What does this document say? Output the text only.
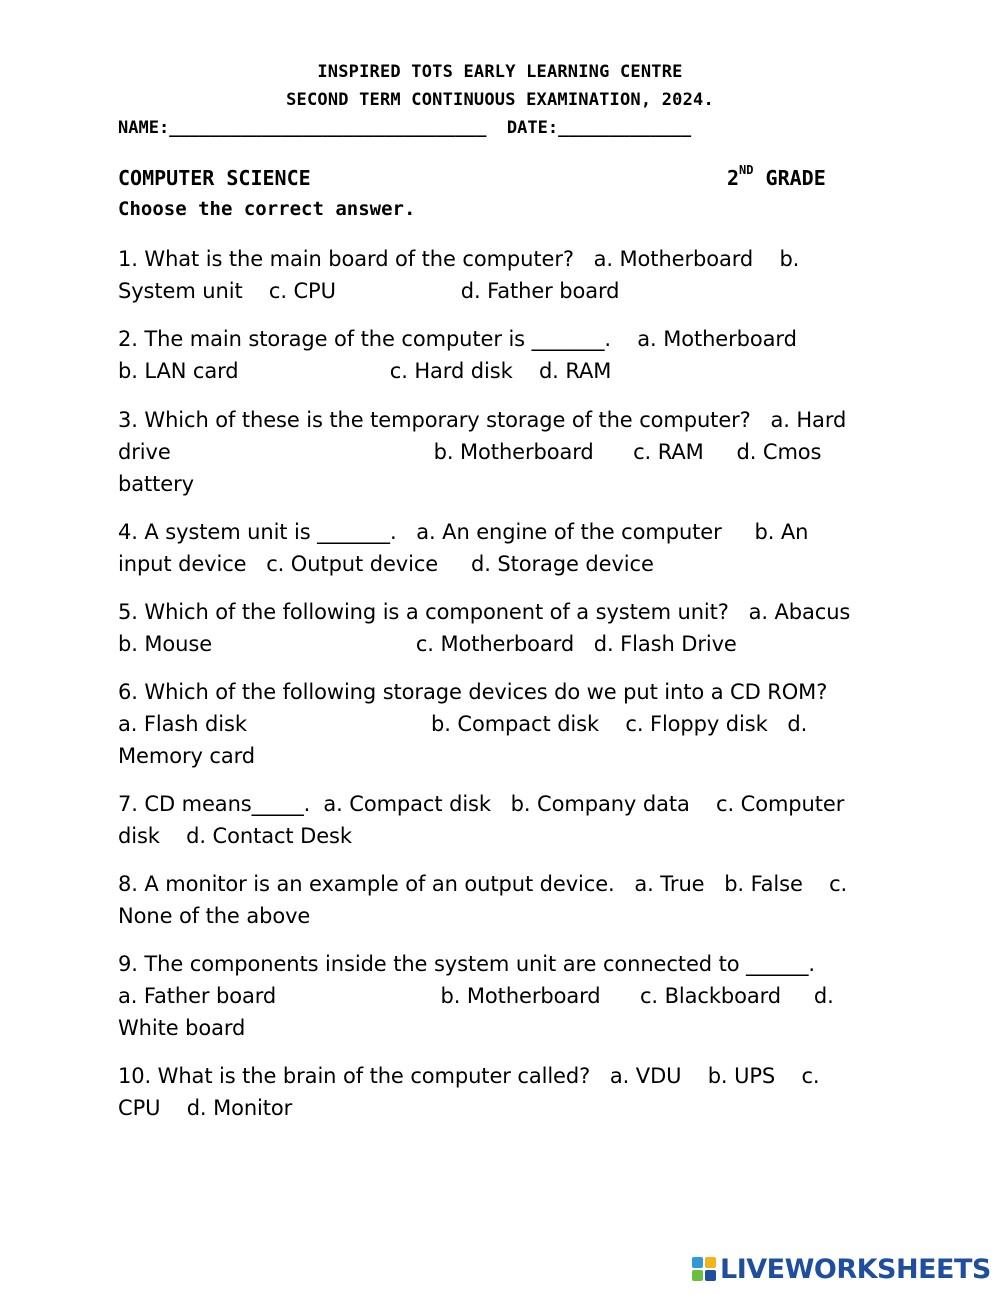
INSPIRED TOTS EARLY LEARNING CENTRE
SECOND TERM CONTINUOUS EXAMINATION, 2024.
NAME:_______________________________  DATE:_____________
COMPUTER SCIENCE	2ND GRADE
Choose the correct answer.
1. What is the main board of the computer?   a. Motherboard    b.
System unit    c. CPU                   d. Father board
2. The main storage of the computer is _______.    a. Motherboard
b. LAN card                       c. Hard disk    d. RAM
3. Which of these is the temporary storage of the computer?   a. Hard
drive                                        b. Motherboard      c. RAM     d. Cmos
battery
4. A system unit is _______.   a. An engine of the computer     b. An
input device   c. Output device     d. Storage device
5. Which of the following is a component of a system unit?   a. Abacus
b. Mouse                               c. Motherboard   d. Flash Drive
6. Which of the following storage devices do we put into a CD ROM?
a. Flash disk                            b. Compact disk    c. Floppy disk   d.
Memory card
7. CD means_____.  a. Compact disk   b. Company data    c. Computer
disk    d. Contact Desk
8. A monitor is an example of an output device.   a. True   b. False    c.
None of the above
9. The components inside the system unit are connected to ______.
a. Father board                         b. Motherboard      c. Blackboard     d.
White board
10. What is the brain of the computer called?   a. VDU    b. UPS    c.
CPU    d. Monitor
LIVEWORKSHEETS
